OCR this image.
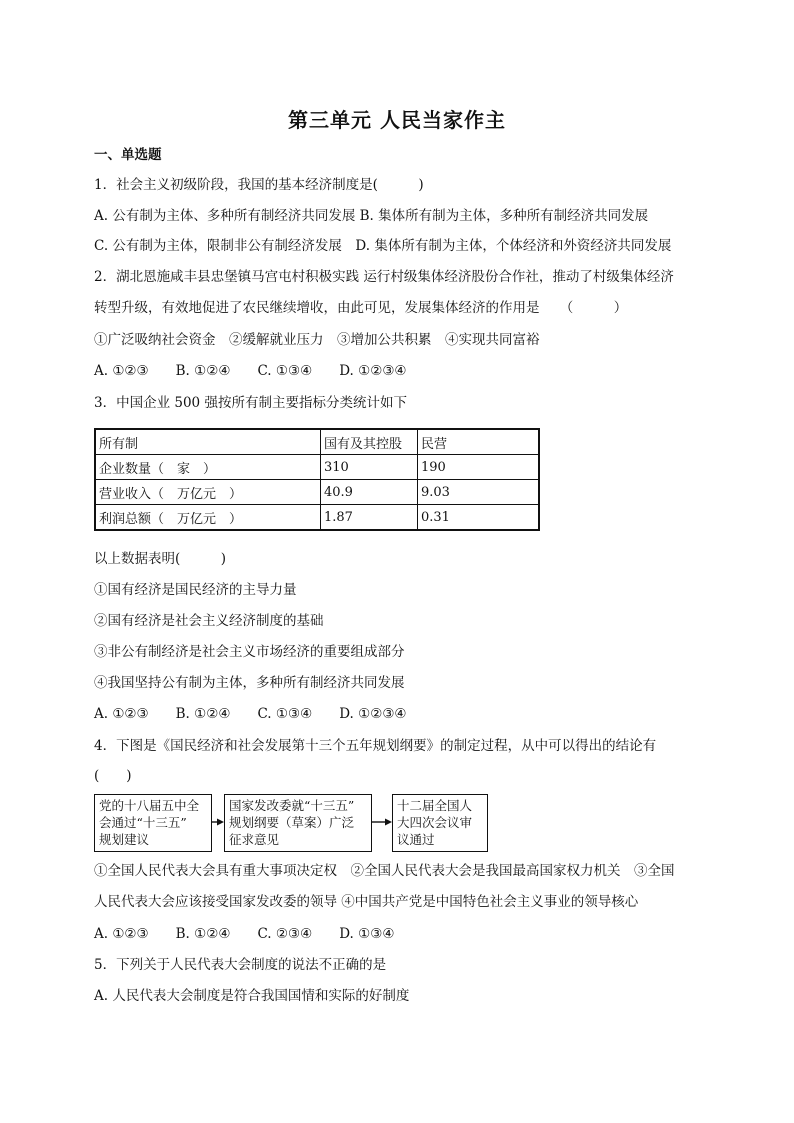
第三单元 人民当家作主
一、单选题
1．社会主义初级阶段，我国的基本经济制度是(　　　)
A. 公有制为主体、多种所有制经济共同发展 B. 集体所有制为主体，多种所有制经济共同发展
C. 公有制为主体，限制非公有制经济发展　D. 集体所有制为主体，个体经济和外资经济共同发展
2．湖北恩施咸丰县忠堡镇马宫屯村积极实践 运行村级集体经济股份合作社，推动了村级集体经济
转型升级，有效地促进了农民继续增收，由此可见，发展集体经济的作用是　　（　　　）
①广泛吸纳社会资金　②缓解就业压力　③增加公共积累　④实现共同富裕
A. ①②③　　B. ①②④　　C. ①③④　　D. ①②③④
3．中国企业 500 强按所有制主要指标分类统计如下
所有制	国有及其控股	民营
企业数量（　家　）	310	190
营业收入（　万亿元　）	40.9	9.03
利润总额（　万亿元　）	1.87	0.31
以上数据表明(　　　)
①国有经济是国民经济的主导力量
②国有经济是社会主义经济制度的基础
③非公有制经济是社会主义市场经济的重要组成部分
④我国坚持公有制为主体，多种所有制经济共同发展
A. ①②③　　B. ①②④　　C. ①③④　　D. ①②③④
4．下图是《国民经济和社会发展第十三个五年规划纲要》的制定过程，从中可以得出的结论有
(　　)
党的十八届五中全
会通过“十三五”
规划建议
国家发改委就“十三五”
规划纲要（草案）广泛
征求意见
十二届全国人
大四次会议审
议通过
①全国人民代表大会具有重大事项决定权　②全国人民代表大会是我国最高国家权力机关　③全国
人民代表大会应该接受国家发改委的领导 ④中国共产党是中国特色社会主义事业的领导核心
A. ①②③　　B. ①②④　　C. ②③④　　D. ①③④
5．下列关于人民代表大会制度的说法不正确的是
A. 人民代表大会制度是符合我国国情和实际的好制度
